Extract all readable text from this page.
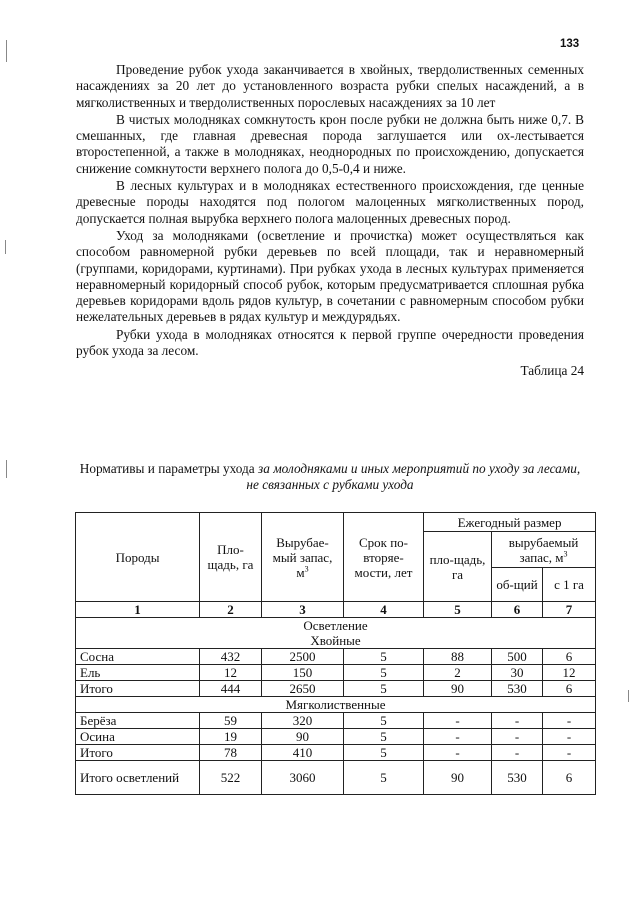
133

Проведение рубок ухода заканчивается в хвойных, твердолиственных семенных насаждениях за 20 лет до установленного возраста рубки спелых насаждений, а в мягколиственных и твердолиственных порослевых насаждениях за 10 лет

В чистых молодняках сомкнутость крон после рубки не должна быть ниже 0,7. В смешанных, где главная древесная порода заглушается или ох-лестывается второстепенной, а также в молодняках, неоднородных по происхождению, допускается снижение сомкнутости верхнего полога до 0,5-0,4 и ниже.

В лесных культурах и в молодняках естественного происхождения, где ценные древесные породы находятся под пологом малоценных мягколиственных пород, допускается полная вырубка верхнего полога малоценных древесных пород.

Уход за молодняками (осветление и прочистка) может осуществляться как способом равномерной рубки деревьев по всей площади, так и неравномерный (группами, коридорами, куртинами). При рубках ухода в лесных культурах применяется неравномерный коридорный способ рубок, которым предусматривается сплошная рубка деревьев коридорами вдоль рядов культур, в сочетании с равномерным способом рубки нежелательных деревьев в рядах культур и междурядьях.

Рубки ухода в молодняках относятся к первой группе очередности проведения рубок ухода за лесом.

Таблица 24
Нормативы и параметры ухода за молодняками и иных мероприятий по уходу за лесами, не связанных с рубками ухода
Породы	Пло-щадь, га	Вырубае-мый запас, $м^3$	Срок по-вторяе-мости, лет	Ежегодный размер		
				пло-щадь, га	вырубаемый запас, $м^3$
					об-щий	с 1 га
1	2	3	4	5	6	7

Осветление
Хвойные						

Сосна	432	2500	5	88	500	6
Ель	12	150	5	2	30	12
Итого	444	2650	5	90	530	6
Мягколиственные						
Берёза	59	320	5	-	-	-
Осина	19	90	5	-	-	-
Итого	78	410	5	-	-	-
Итого осветлений	522	3060	5	90	530	6
